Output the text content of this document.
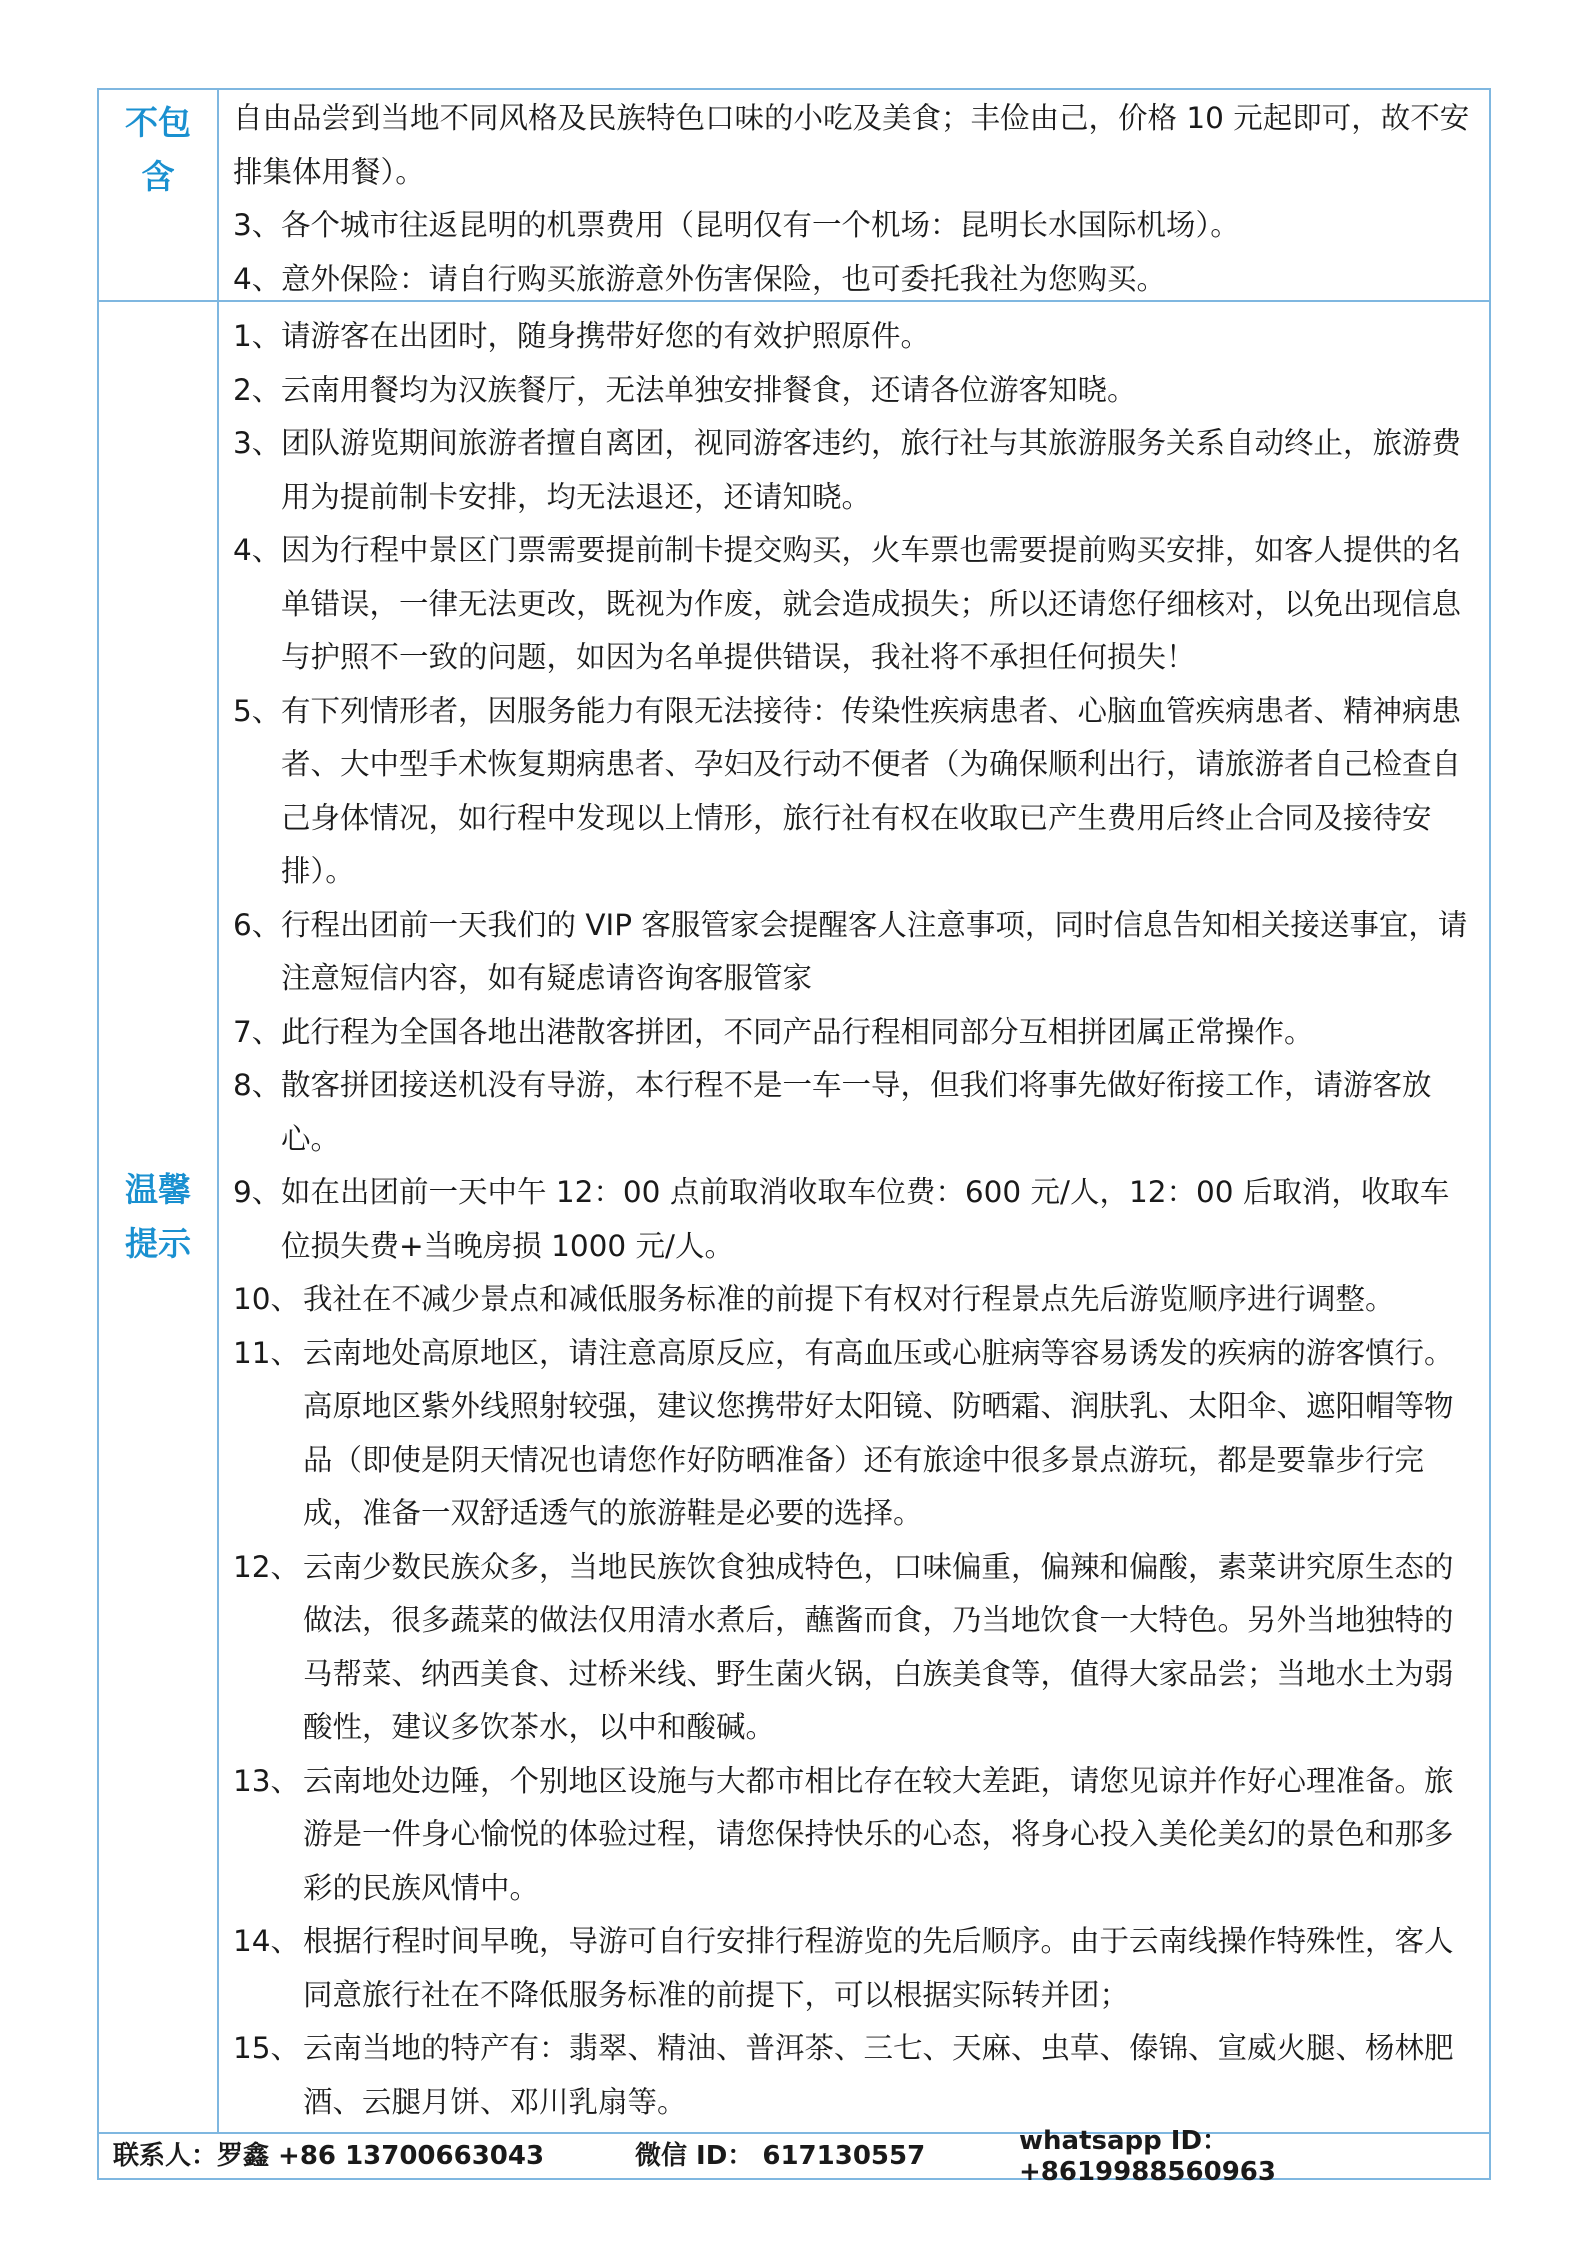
不包含

自由品尝到当地不同风格及民族特色口味的小吃及美食；丰俭由己，价格 10 元起即可，故不安排集体用餐）。

3、 各个城市往返昆明的机票费用（昆明仅有一个机场：昆明长水国际机场）。
4、 意外保险：请自行购买旅游意外伤害保险，也可委托我社为您购买。
温馨提示
1、 请游客在出团时，随身携带好您的有效护照原件。
2、 云南用餐均为汉族餐厅，无法单独安排餐食，还请各位游客知晓。
3、 团队游览期间旅游者擅自离团，视同游客违约，旅行社与其旅游服务关系自动终止，旅游费用为提前制卡安排，均无法退还，还请知晓。
4、 因为行程中景区门票需要提前制卡提交购买，火车票也需要提前购买安排，如客人提供的名单错误，一律无法更改，既视为作废，就会造成损失；所以还请您仔细核对，以免出现信息与护照不一致的问题，如因为名单提供错误，我社将不承担任何损失！
5、 有下列情形者，因服务能力有限无法接待：传染性疾病患者、心脑血管疾病患者、精神病患者、大中型手术恢复期病患者、孕妇及行动不便者（为确保顺利出行，请旅游者自己检查自己身体情况，如行程中发现以上情形，旅行社有权在收取已产生费用后终止合同及接待安排）。
6、 行程出团前一天我们的 VIP 客服管家会提醒客人注意事项，同时信息告知相关接送事宜，请注意短信内容，如有疑虑请咨询客服管家
7、 此行程为全国各地出港散客拼团，不同产品行程相同部分互相拼团属正常操作。
8、 散客拼团接送机没有导游，本行程不是一车一导，但我们将事先做好衔接工作，请游客放心。
9、 如在出团前一天中午 12：00 点前取消收取车位费：600 元/人，12：00 后取消，收取车位损失费+当晚房损 1000 元/人。
10、 我社在不减少景点和减低服务标准的前提下有权对行程景点先后游览顺序进行调整。
11、 云南地处高原地区，请注意高原反应，有高血压或心脏病等容易诱发的疾病的游客慎行。高原地区紫外线照射较强，建议您携带好太阳镜、防晒霜、润肤乳、太阳伞、遮阳帽等物品（即使是阴天情况也请您作好防晒准备）还有旅途中很多景点游玩，都是要靠步行完成，准备一双舒适透气的旅游鞋是必要的选择。
12、 云南少数民族众多，当地民族饮食独成特色，口味偏重，偏辣和偏酸，素菜讲究原生态的做法，很多蔬菜的做法仅用清水煮后，蘸酱而食，乃当地饮食一大特色。另外当地独特的马帮菜、纳西美食、过桥米线、野生菌火锅，白族美食等，值得大家品尝；当地水土为弱酸性，建议多饮茶水，以中和酸碱。
13、 云南地处边陲，个别地区设施与大都市相比存在较大差距，请您见谅并作好心理准备。旅游是一件身心愉悦的体验过程，请您保持快乐的心态，将身心投入美伦美幻的景色和那多彩的民族风情中。
14、 根据行程时间早晚，导游可自行安排行程游览的先后顺序。由于云南线操作特殊性，客人同意旅行社在不降低服务标准的前提下，可以根据实际转并团；
15、 云南当地的特产有：翡翠、精油、普洱茶、三七、天麻、虫草、傣锦、宣威火腿、杨林肥酒、云腿月饼、邓川乳扇等。
联系人：罗鑫 +86 13700663043	微信 ID： 617130557	whatsapp ID： +8619988560963
